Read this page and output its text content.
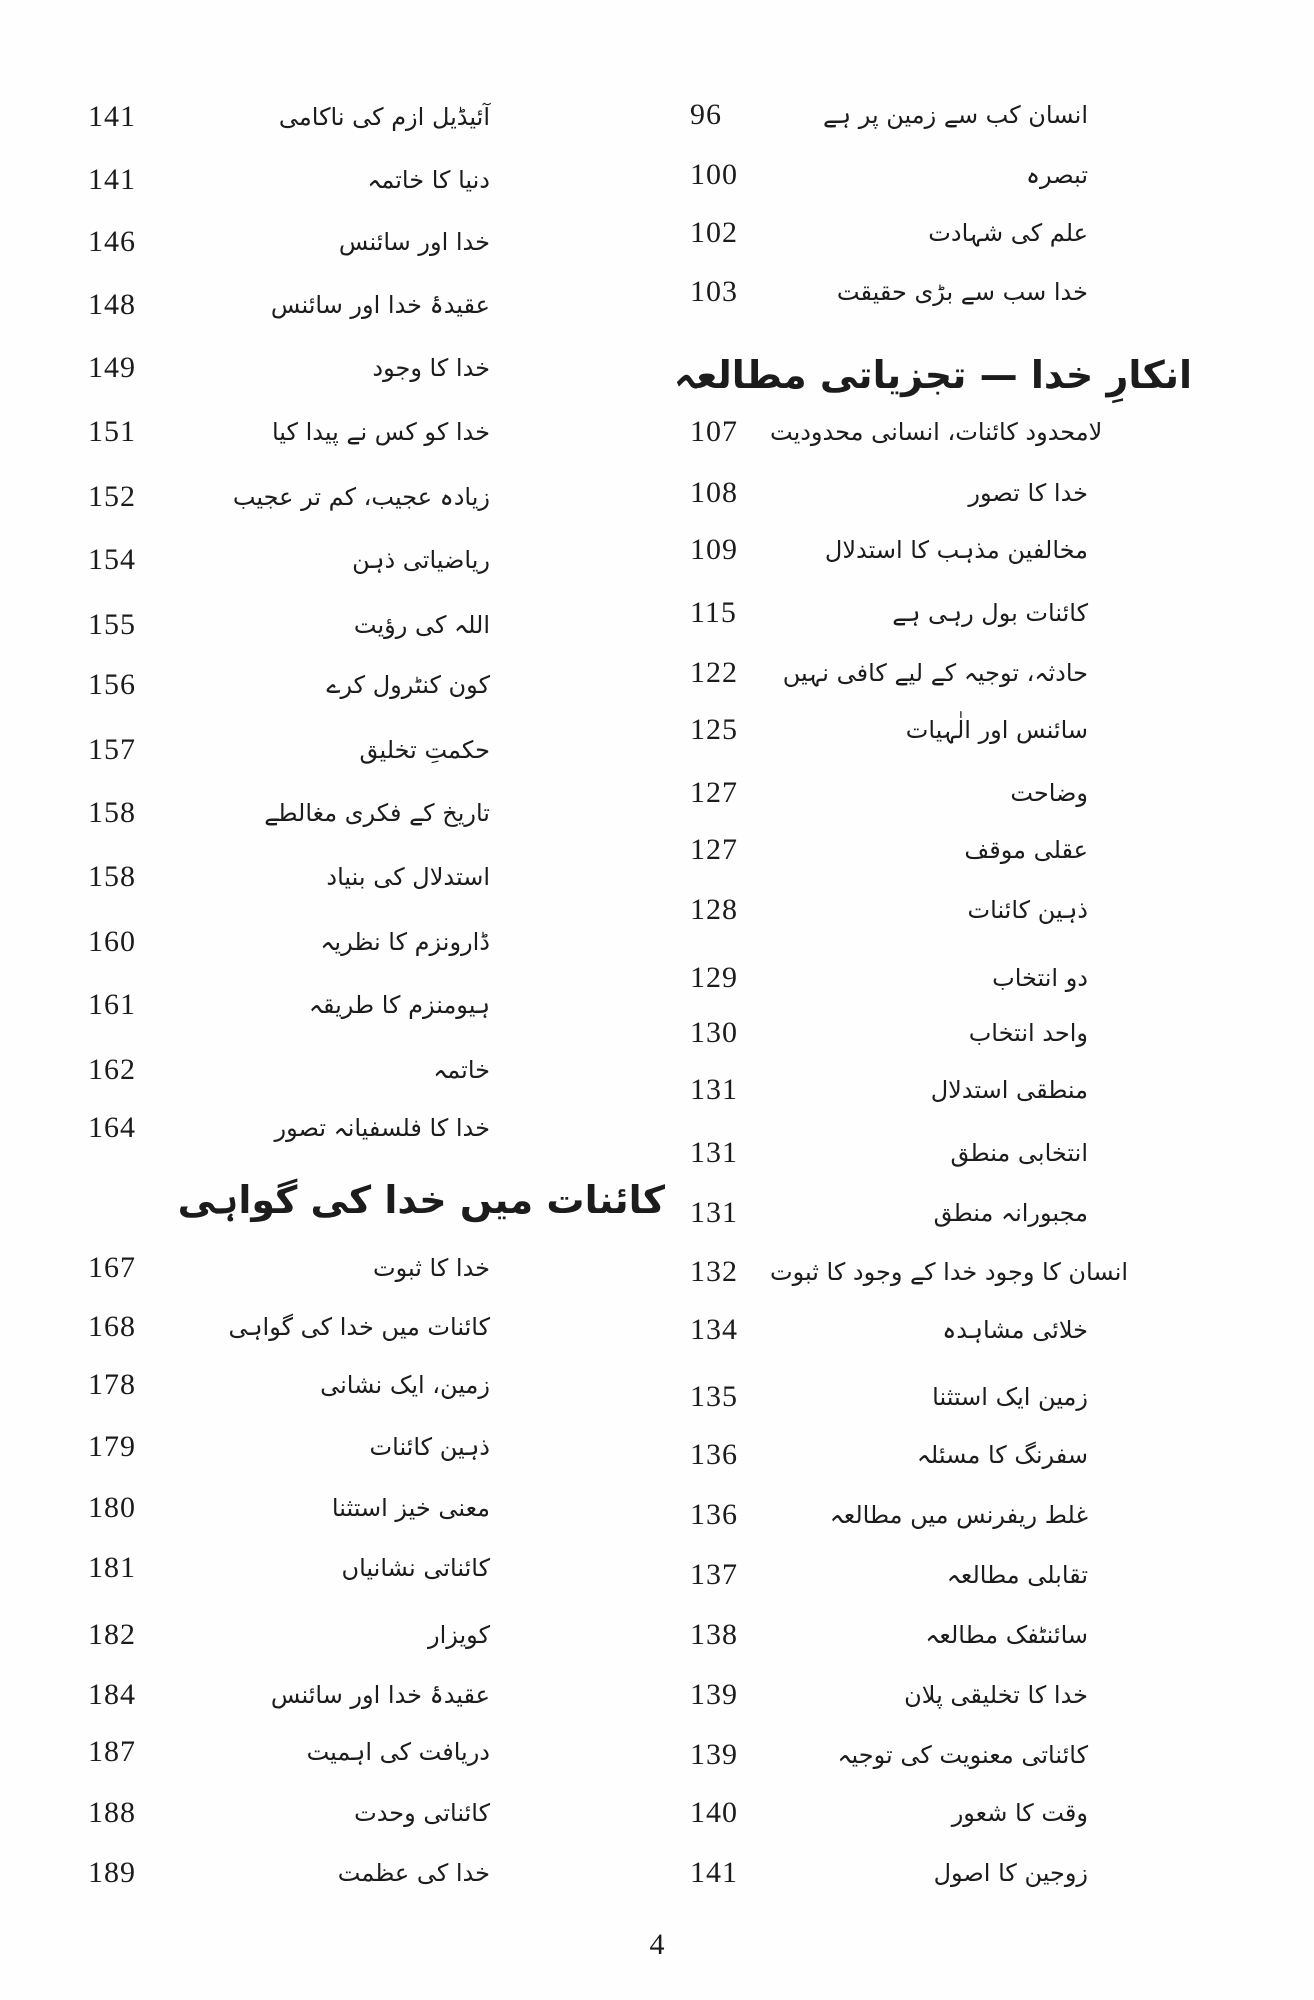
141	آئیڈیل ازم کی ناکامی
141	دنیا کا خاتمہ
146	خدا اور سائنس
148	عقیدۂ خدا اور سائنس
149	خدا کا وجود
151	خدا کو کس نے پیدا کیا
152	زیادہ عجیب، کم تر عجیب
154	ریاضیاتی ذہن
155	اللہ کی رؤیت
156	کون کنٹرول کرے
157	حکمتِ تخلیق
158	تاریخ کے فکری مغالطے
158	استدلال کی بنیاد
160	ڈارونزم کا نظریہ
161	ہیومنزم کا طریقہ
162	خاتمہ
164	خدا کا فلسفیانہ تصور
کائنات میں خدا کی گواہی
167	خدا کا ثبوت
168	کائنات میں خدا کی گواہی
178	زمین، ایک نشانی
179	ذہین کائنات
180	معنی خیز استثنا
181	کائناتی نشانیاں
182	کویزار
184	عقیدۂ خدا اور سائنس
187	دریافت کی اہمیت
188	کائناتی وحدت
189	خدا کی عظمت
96	انسان کب سے زمین پر ہے
100	تبصرہ
102	علم کی شہادت
103	خدا سب سے بڑی حقیقت
انکارِ خدا — تجزیاتی مطالعہ
107	لامحدود کائنات، انسانی محدودیت
108	خدا کا تصور
109	مخالفین مذہب کا استدلال
115	کائنات بول رہی ہے
122	حادثہ، توجیہ کے لیے کافی نہیں
125	سائنس اور الٰہیات
127	وضاحت
127	عقلی موقف
128	ذہین کائنات
129	دو انتخاب
130	واحد انتخاب
131	منطقی استدلال
131	انتخابی منطق
131	مجبورانہ منطق
132	انسان کا وجود خدا کے وجود کا ثبوت
134	خلائی مشاہدہ
135	زمین ایک استثنا
136	سفرنگ کا مسئلہ
136	غلط ریفرنس میں مطالعہ
137	تقابلی مطالعہ
138	سائنٹفک مطالعہ
139	خدا کا تخلیقی پلان
139	کائناتی معنویت کی توجیہ
140	وقت کا شعور
141	زوجین کا اصول
4
